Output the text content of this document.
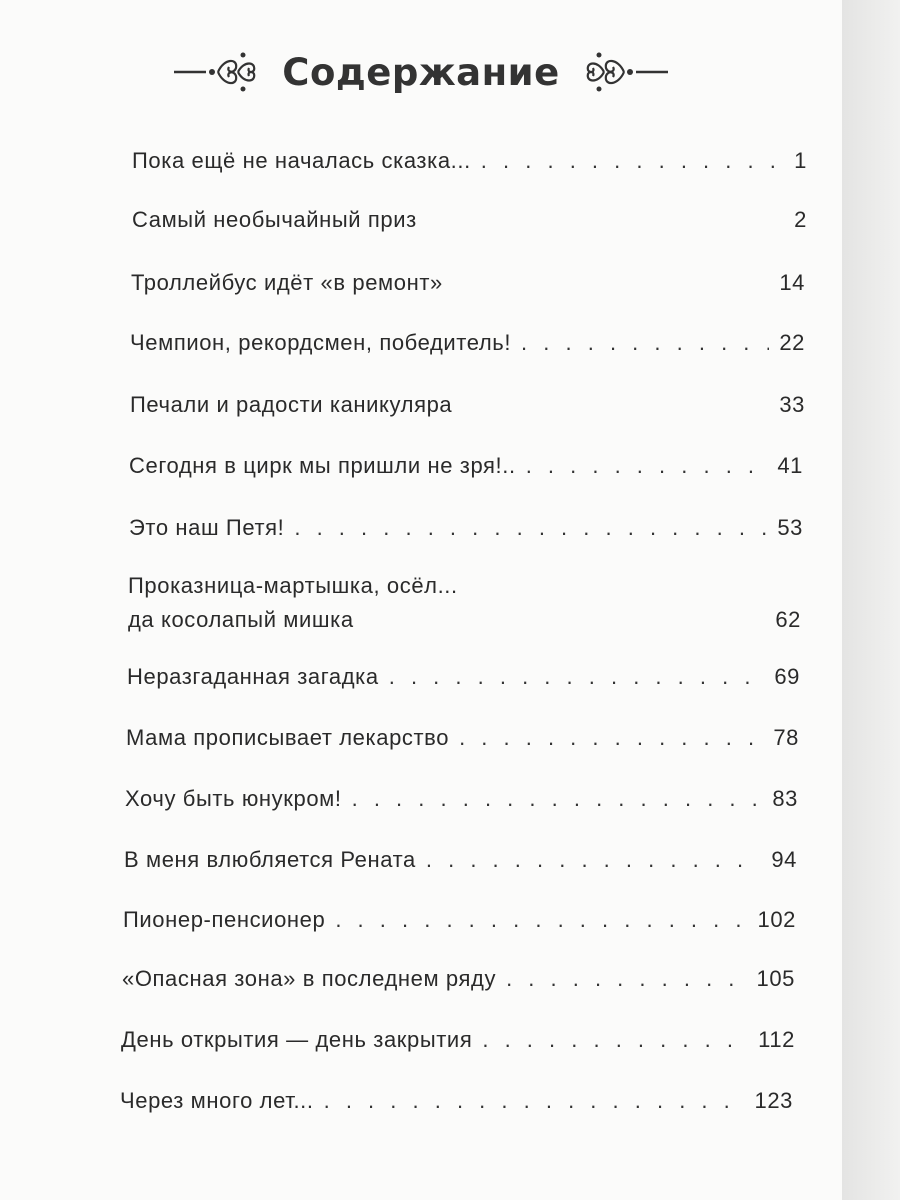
Содержание
Пока ещё не началась сказка... . . .	1
Самый необычайный приз	2
Троллейбус идёт «в ремонт»	14
Чемпион, рекордсмен, победитель! . . .	22
Печали и радости каникуляра	33
Сегодня в цирк мы пришли не зря!.. . . .	41
Это наш Петя! . . .	53
Проказница-мартышка, осёл...
да косолапый мишка	62
Неразгаданная загадка . . .	69
Мама прописывает лекарство . . .	78
Хочу быть юнукром! . . .	83
В меня влюбляется Рената . . .	94
Пионер-пенсионер . . .	102
«Опасная зона» в последнем ряду . . .	105
День открытия — день закрытия . . .	112
Через много лет... . . .	123
